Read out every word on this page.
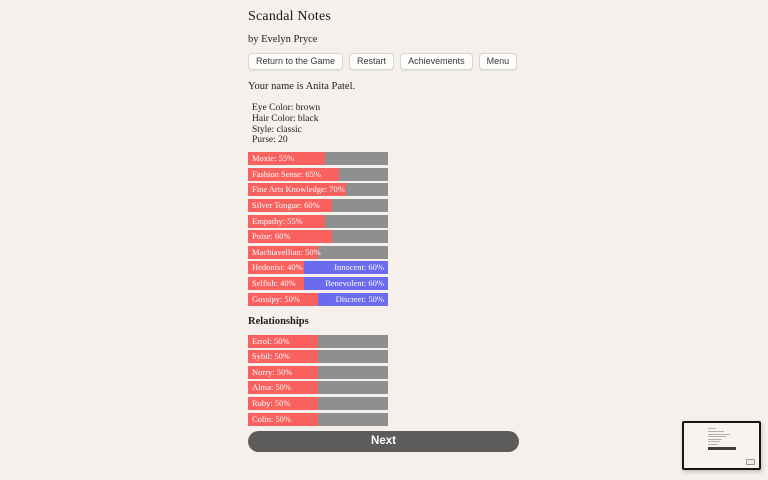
Scandal Notes
by Evelyn Pryce
Return to the Game	Restart	Achievements	Menu
Your name is Anita Patel.
Eye Color: brown
Hair Color: black
Style: classic
Purse: 20
Moxie: 55%
Fashion Sense: 65%
Fine Arts Knowledge: 70%
Silver Tongue: 60%
Empathy: 55%
Poise: 60%
Machiavellian: 50%
Hedonist: 40%	Innocent: 60%
Selfish: 40%	Benevolent: 60%
Gossipy: 50%	Discreet: 50%
Relationships
Errol: 50%
Sybil: 50%
Norry: 50%
Alma: 50%
Ruby: 50%
Colin: 50%
Next
